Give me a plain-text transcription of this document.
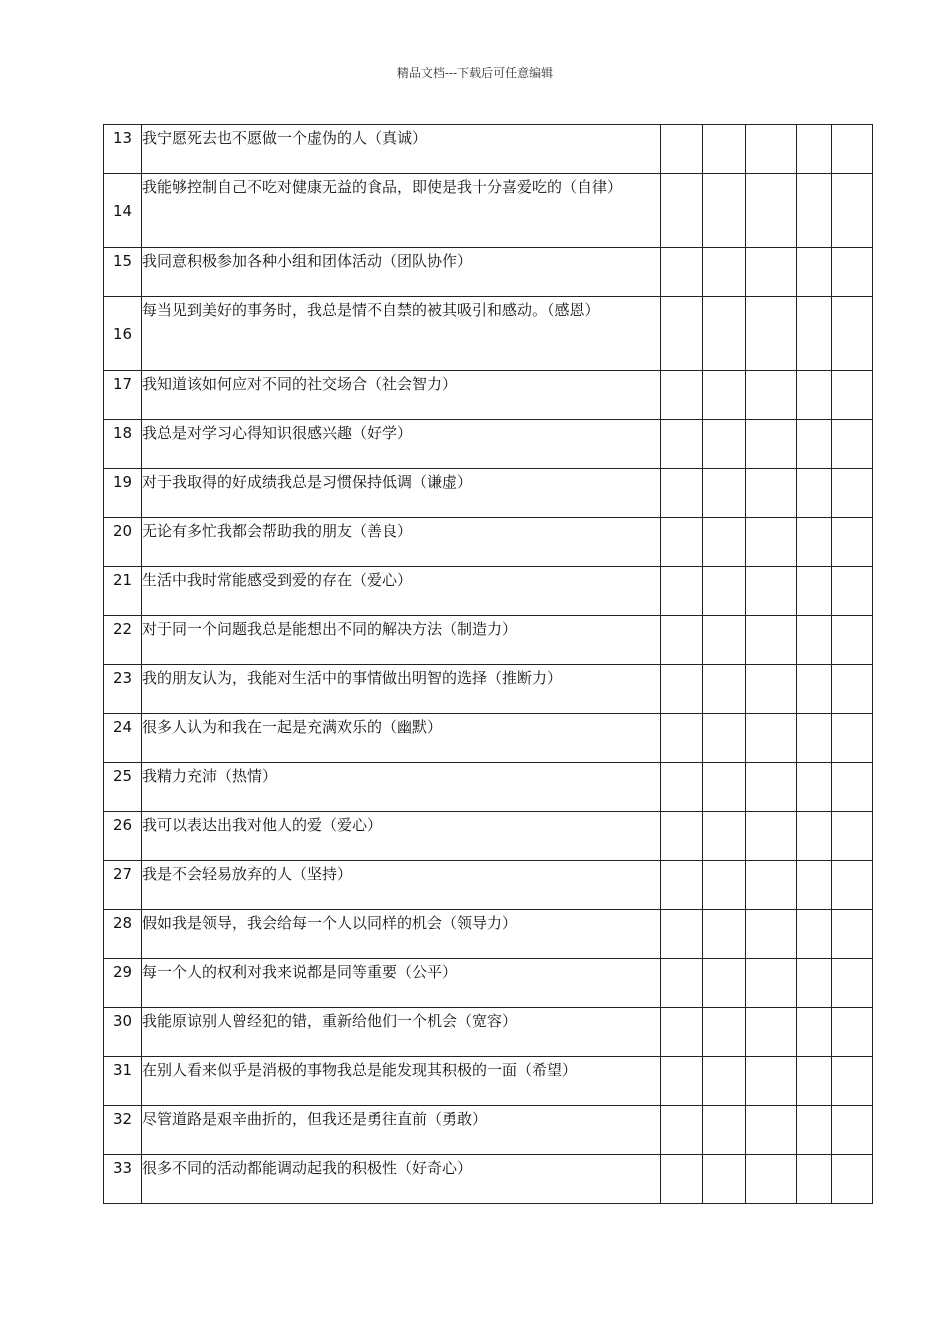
精品文档---下载后可任意编辑
13	我宁愿死去也不愿做一个虚伪的人（真诚）					
14	我能够控制自己不吃对健康无益的食品，即使是我十分喜爱吃的（自律）					
15	我同意积极参加各种小组和团体活动（团队协作）					
16	每当见到美好的事务时，我总是情不自禁的被其吸引和感动。（感恩）					
17	我知道该如何应对不同的社交场合（社会智力）					
18	我总是对学习心得知识很感兴趣（好学）					
19	对于我取得的好成绩我总是习惯保持低调（谦虚）					
20	无论有多忙我都会帮助我的朋友（善良）					
21	生活中我时常能感受到爱的存在（爱心）					
22	对于同一个问题我总是能想出不同的解决方法（制造力）					
23	我的朋友认为，我能对生活中的事情做出明智的选择（推断力）					
24	很多人认为和我在一起是充满欢乐的（幽默）					
25	我精力充沛（热情）					
26	我可以表达出我对他人的爱（爱心）					
27	我是不会轻易放弃的人（坚持）					
28	假如我是领导，我会给每一个人以同样的机会（领导力）					
29	每一个人的权利对我来说都是同等重要（公平）					
30	我能原谅别人曾经犯的错，重新给他们一个机会（宽容）					
31	在别人看来似乎是消极的事物我总是能发现其积极的一面（希望）					
32	尽管道路是艰辛曲折的，但我还是勇往直前（勇敢）					
33	很多不同的活动都能调动起我的积极性（好奇心）					
